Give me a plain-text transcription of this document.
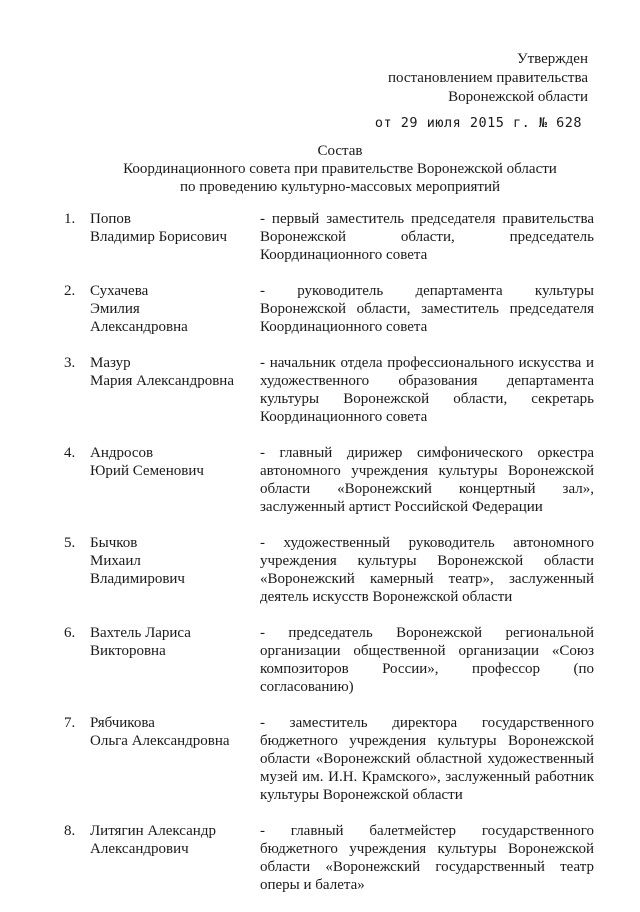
Утвержден
постановлением правительства
Воронежской области
от 29 июля 2015 г. № 628
Состав
Координационного совета при правительстве Воронежской области
по проведению культурно-массовых мероприятий
1. Попов
Владимир Борисович
- первый заместитель председателя правительства Воронежской области, председатель Координационного совета
2. Сухачева
Эмилия
Александровна
- руководитель департамента культуры Воронежской области, заместитель председателя Координационного совета
3. Мазур
Мария Александровна
- начальник отдела профессионального искусства и художественного образования департамента культуры Воронежской области, секретарь Координационного совета
4. Андросов
Юрий Семенович
- главный дирижер симфонического оркестра автономного учреждения культуры Воронежской области «Воронежский концертный зал», заслуженный артист Российской Федерации
5. Бычков
Михаил
Владимирович
- художественный руководитель автономного учреждения культуры Воронежской области «Воронежский камерный театр», заслуженный деятель искусств Воронежской области
6. Вахтель Лариса
Викторовна
- председатель Воронежской региональной организации общественной организации «Союз композиторов России», профессор (по согласованию)
7. Рябчикова
Ольга Александровна
- заместитель директора государственного бюджетного учреждения культуры Воронежской области «Воронежский областной художественный музей им. И.Н. Крамского», заслуженный работник культуры Воронежской области
8. Литягин Александр
Александрович
- главный балетмейстер государственного бюджетного учреждения культуры Воронежской области «Воронежский государственный театр оперы и балета»
